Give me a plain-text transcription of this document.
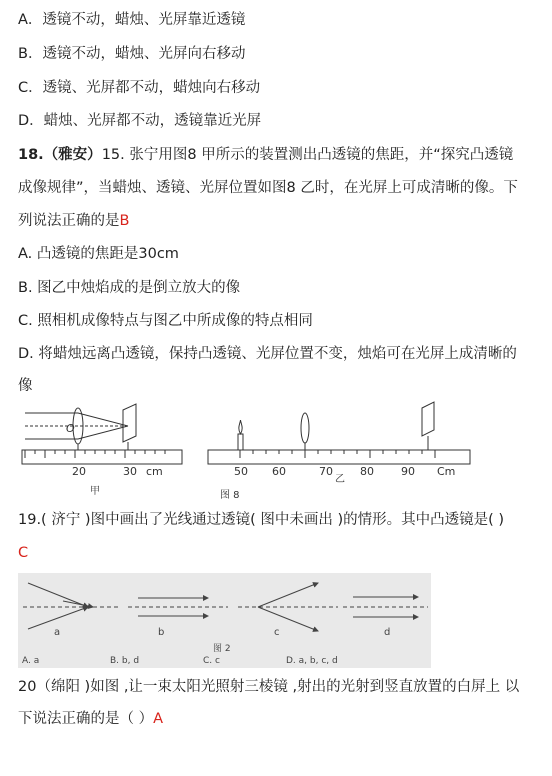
A．透镜不动，蜡烛、光屏靠近透镜
B．透镜不动，蜡烛、光屏向右移动
C．透镜、光屏都不动，蜡烛向右移动
D．蜡烛、光屏都不动，透镜靠近光屏
18.（雅安）15. 张宁用图8 甲所示的装置测出凸透镜的焦距，并“探究凸透镜
成像规律”，当蜡烛、透镜、光屏位置如图8 乙时，在光屏上可成清晰的像。下
列说法正确的是B
A. 凸透镜的焦距是30cm
B. 图乙中烛焰成的是倒立放大的像
C. 照相机成像特点与图乙中所成像的特点相同
D. 将蜡烛远离凸透镜，保持凸透镜、光屏位置不变，烛焰可在光屏上成清晰的
像
O
20	30 cm
甲
50 60	70 80 90 Cm
乙
图 8
19.( 济宁 )图中画出了光线通过透镜( 图中未画出 )的情形。其中凸透镜是( )
C
a	b	c	d
图 2
A. a	B. b, d	C. c	D. a, b, c, d
20（绵阳 )如图 ,让一束太阳光照射三棱镜 ,射出的光射到竖直放置的白屏上 以
下说法正确的是（ ）A
